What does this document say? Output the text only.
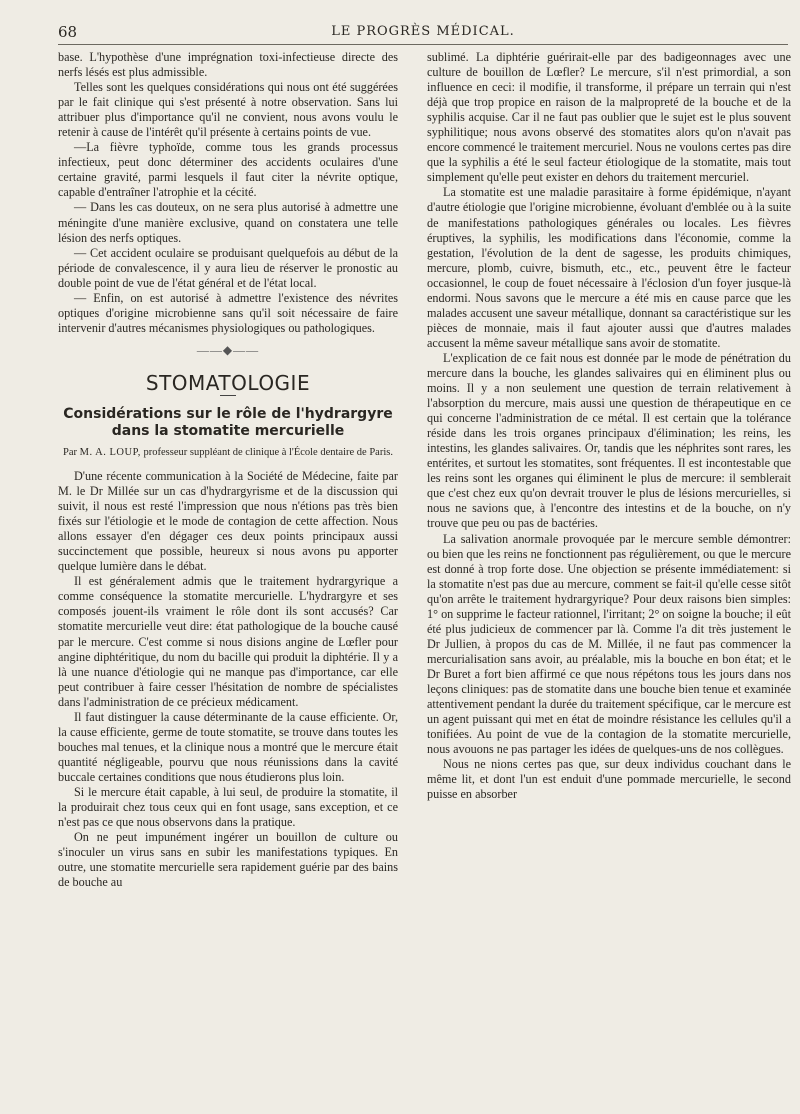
68	LE PROGRÈS MÉDICAL.

base. L'hypothèse d'une imprégnation toxi-infectieuse directe des nerfs lésés est plus admissible.

Telles sont les quelques considérations qui nous ont été suggérées par le fait clinique qui s'est présenté à notre observation. Sans lui attribuer plus d'importance qu'il ne convient, nous avons voulu le retenir à cause de l'intérêt qu'il présente à certains points de vue.

—La fièvre typhoïde, comme tous les grands processus infectieux, peut donc déterminer des accidents oculaires d'une certaine gravité, parmi lesquels il faut citer la névrite optique, capable d'entraîner l'atrophie et la cécité.

— Dans les cas douteux, on ne sera plus autorisé à admettre une méningite d'une manière exclusive, quand on constatera une telle lésion des nerfs optiques.

— Cet accident oculaire se produisant quelquefois au début de la période de convalescence, il y aura lieu de réserver le pronostic au double point de vue de l'état général et de l'état local.

— Enfin, on est autorisé à admettre l'existence des névrites optiques d'origine microbienne sans qu'il soit nécessaire de faire intervenir d'autres mécanismes physiologiques ou pathologiques.

——◆——
STOMATOLOGIE
Considérations sur le rôle de l'hydrargyre dans la stomatite mercurielle
Par M. A. LOUP, professeur suppléant de clinique à l'École dentaire de Paris.

D'une récente communication à la Société de Médecine, faite par M. le Dr Millée sur un cas d'hydrargyrisme et de la discussion qui suivit, il nous est resté l'impression que nous n'étions pas très bien fixés sur l'étiologie et le mode de contagion de cette affection. Nous allons essayer d'en dégager ces deux points principaux aussi succinctement que possible, heureux si nous avons pu apporter quelque lumière dans le débat.

Il est généralement admis que le traitement hydrargyrique a comme conséquence la stomatite mercurielle. L'hydrargyre et ses composés jouent-ils vraiment le rôle dont ils sont accusés? Car stomatite mercurielle veut dire: état pathologique de la bouche causé par le mercure. C'est comme si nous disions angine de Lœfler pour angine diphtéritique, du nom du bacille qui produit la diphtérie. Il y a là une nuance d'étiologie qui ne manque pas d'importance, car elle peut contribuer à faire cesser l'hésitation de nombre de spécialistes dans l'administration de ce précieux médicament.

Il faut distinguer la cause déterminante de la cause efficiente. Or, la cause efficiente, germe de toute stomatite, se trouve dans toutes les bouches mal tenues, et la clinique nous a montré que le mercure était quantité négligeable, pourvu que nous réunissions dans la cavité buccale certaines conditions que nous étudierons plus loin.

Si le mercure était capable, à lui seul, de produire la stomatite, il la produirait chez tous ceux qui en font usage, sans exception, et ce n'est pas ce que nous observons dans la pratique.

On ne peut impunément ingérer un bouillon de culture ou s'inoculer un virus sans en subir les manifestations typiques. En outre, une stomatite mercurielle sera rapidement guérie par des bains de bouche au

sublimé. La diphtérie guérirait-elle par des badigeonnages avec une culture de bouillon de Lœfler? Le mercure, s'il n'est primordial, a son influence en ceci: il modifie, il transforme, il prépare un terrain qui n'est déjà que trop propice en raison de la malpropreté de la bouche et de la syphilis acquise. Car il ne faut pas oublier que le sujet est le plus souvent syphilitique; nous avons observé des stomatites alors qu'on n'avait pas encore commencé le traitement mercuriel. Nous ne voulons certes pas dire que la syphilis a été le seul facteur étiologique de la stomatite, mais tout simplement qu'elle peut exister en dehors du traitement mercuriel.

La stomatite est une maladie parasitaire à forme épidémique, n'ayant d'autre étiologie que l'origine microbienne, évoluant d'emblée ou à la suite de manifestations pathologiques générales ou locales. Les fièvres éruptives, la syphilis, les modifications dans l'économie, comme la gestation, l'évolution de la dent de sagesse, les produits chimiques, mercure, plomb, cuivre, bismuth, etc., etc., peuvent être le facteur occasionnel, le coup de fouet nécessaire à l'éclosion d'un foyer jusque-là endormi. Nous savons que le mercure a été mis en cause parce que les malades accusent une saveur métallique, donnant sa caractéristique sur les pièces de monnaie, mais il faut ajouter aussi que d'autres malades accusent la même saveur métallique sans avoir de stomatite.

L'explication de ce fait nous est donnée par le mode de pénétration du mercure dans la bouche, les glandes salivaires qui en éliminent plus ou moins. Il y a non seulement une question de terrain relativement à l'absorption du mercure, mais aussi une question de thérapeutique en ce qui concerne l'administration de ce métal. Il est certain que la tolérance réside dans les trois organes principaux d'élimination; les reins, les intestins, les glandes salivaires. Or, tandis que les néphrites sont rares, les entérites, et surtout les stomatites, sont fréquentes. Il est incontestable que les reins sont les organes qui éliminent le plus de mercure: il semblerait que c'est chez eux qu'on devrait trouver le plus de lésions mercurielles, si nous ne savions que, à l'encontre des intestins et de la bouche, on n'y trouve que peu ou pas de bactéries.

La salivation anormale provoquée par le mercure semble démontrer: ou bien que les reins ne fonctionnent pas régulièrement, ou que le mercure est donné à trop forte dose. Une objection se présente immédiatement: si la stomatite n'est pas due au mercure, comment se fait-il qu'elle cesse sitôt qu'on arrête le traitement hydrargyrique? Pour deux raisons bien simples: 1° on supprime le facteur rationnel, l'irritant; 2° on soigne la bouche; il eût été plus judicieux de commencer par là. Comme l'a dit très justement le Dr Jullien, à propos du cas de M. Millée, il ne faut pas commencer la mercurialisation sans avoir, au préalable, mis la bouche en bon état; et le Dr Buret a fort bien affirmé ce que nous répétons tous les jours dans nos leçons cliniques: pas de stomatite dans une bouche bien tenue et examinée attentivement pendant la durée du traitement spécifique, car le mercure est un agent puissant qui met en état de moindre résistance les cellules qu'il a tonifiées. Au point de vue de la contagion de la stomatite mercurielle, nous avouons ne pas partager les idées de quelques-uns de nos collègues.

Nous ne nions certes pas que, sur deux individus couchant dans le même lit, et dont l'un est enduit d'une pommade mercurielle, le second puisse en absorber
